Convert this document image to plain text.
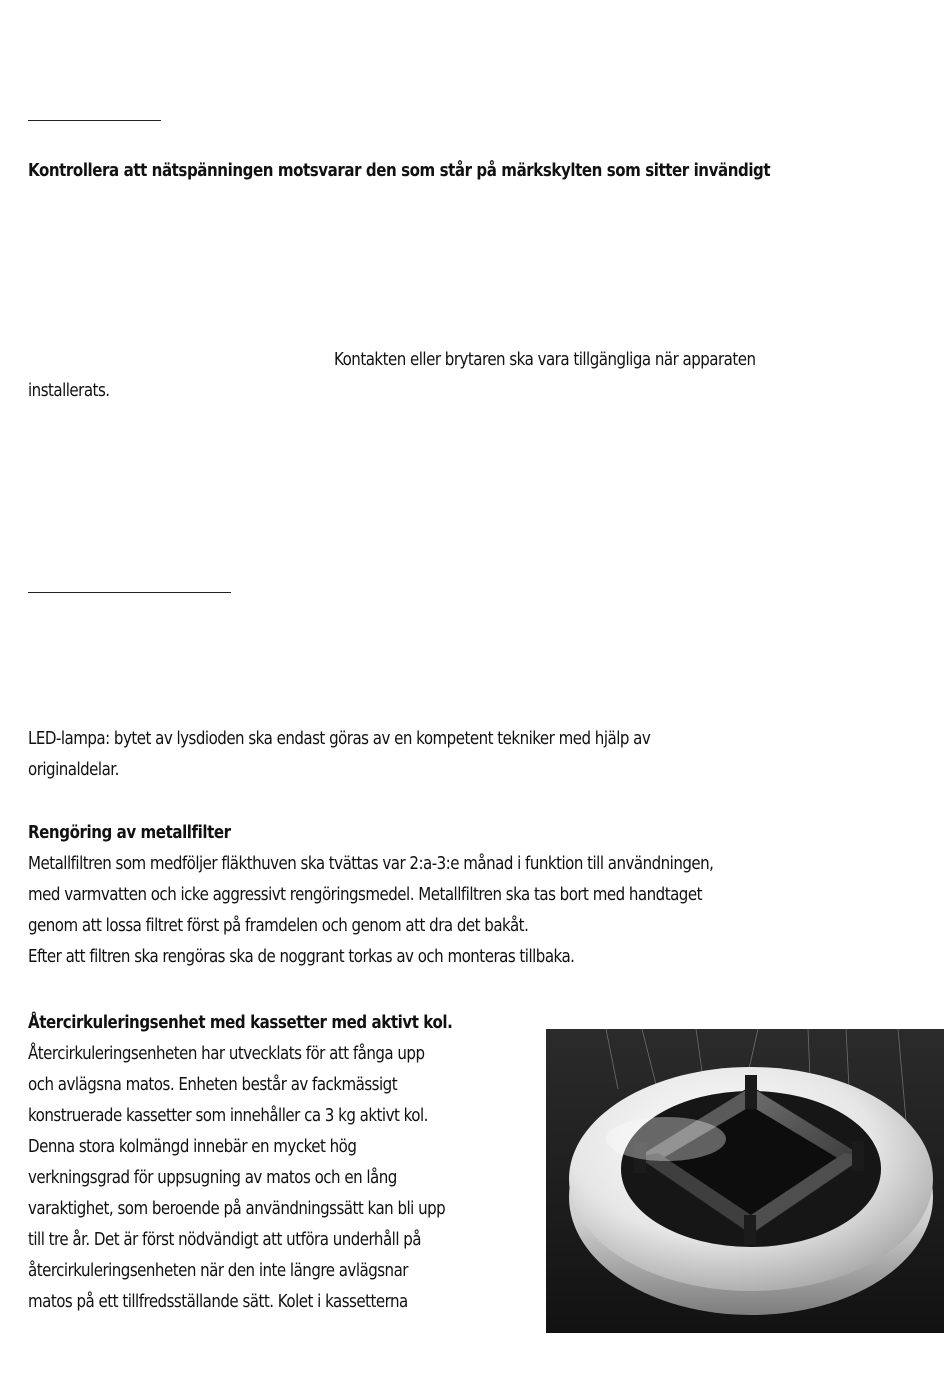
Kontrollera att nätspänningen motsvarar den som står på märkskylten som sitter invändigt

Kontakten eller brytaren ska vara tillgängliga när apparaten

installerats.

LED-lampa: bytet av lysdioden ska endast göras av en kompetent tekniker med hjälp av

originaldelar.

Rengöring av metallfilter

Metallfiltren som medföljer fläkthuven ska tvättas var 2:a-3:e månad i funktion till användningen,

med varmvatten och icke aggressivt rengöringsmedel. Metallfiltren ska tas bort med handtaget

genom att lossa filtret först på framdelen och genom att dra det bakåt.

Efter att filtren ska rengöras ska de noggrant torkas av och monteras tillbaka.

Återcirkuleringsenhet med kassetter med aktivt kol.

Återcirkuleringsenheten har utvecklats för att fånga upp

och avlägsna matos. Enheten består av fackmässigt

konstruerade kassetter som innehåller ca 3 kg aktivt kol.

Denna stora kolmängd innebär en mycket hög

verkningsgrad för uppsugning av matos och en lång

varaktighet, som beroende på användningssätt kan bli upp

till tre år. Det är först nödvändigt att utföra underhåll på

återcirkuleringsenheten när den inte längre avlägsnar

matos på ett tillfredsställande sätt. Kolet i kassetterna
